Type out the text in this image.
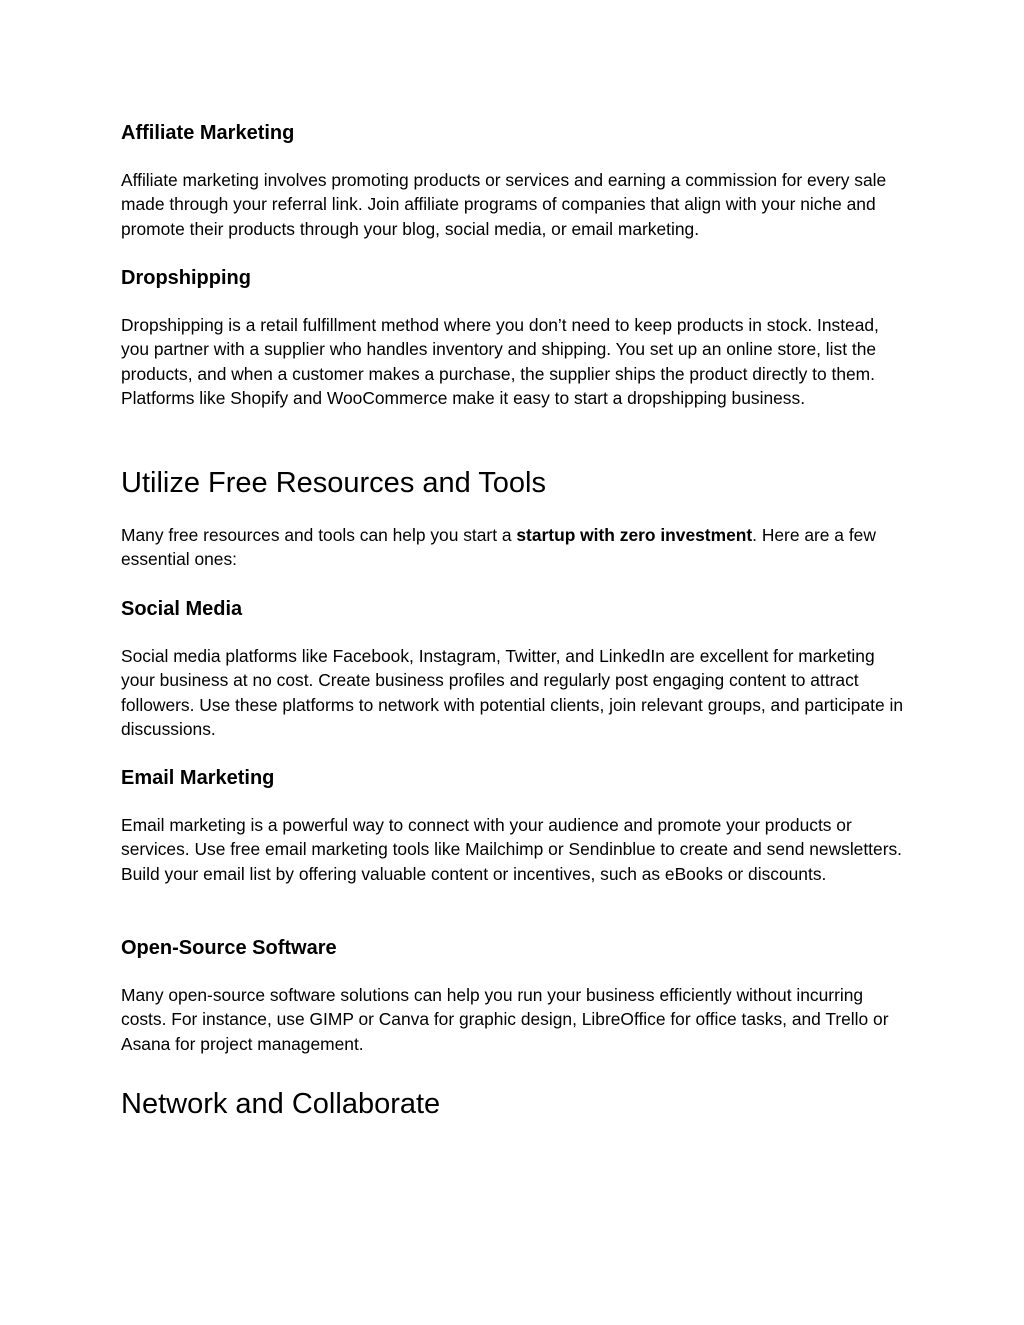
Affiliate Marketing

Affiliate marketing involves promoting products or services and earning a commission for every sale made through your referral link. Join affiliate programs of companies that align with your niche and promote their products through your blog, social media, or email marketing.

Dropshipping

Dropshipping is a retail fulfillment method where you don’t need to keep products in stock. Instead, you partner with a supplier who handles inventory and shipping. You set up an online store, list the products, and when a customer makes a purchase, the supplier ships the product directly to them. Platforms like Shopify and WooCommerce make it easy to start a dropshipping business.

Utilize Free Resources and Tools

Many free resources and tools can help you start a startup with zero investment. Here are a few essential ones:

Social Media

Social media platforms like Facebook, Instagram, Twitter, and LinkedIn are excellent for marketing your business at no cost. Create business profiles and regularly post engaging content to attract followers. Use these platforms to network with potential clients, join relevant groups, and participate in discussions.

Email Marketing

Email marketing is a powerful way to connect with your audience and promote your products or services. Use free email marketing tools like Mailchimp or Sendinblue to create and send newsletters. Build your email list by offering valuable content or incentives, such as eBooks or discounts.

Open-Source Software

Many open-source software solutions can help you run your business efficiently without incurring costs. For instance, use GIMP or Canva for graphic design, LibreOffice for office tasks, and Trello or Asana for project management.

Network and Collaborate
